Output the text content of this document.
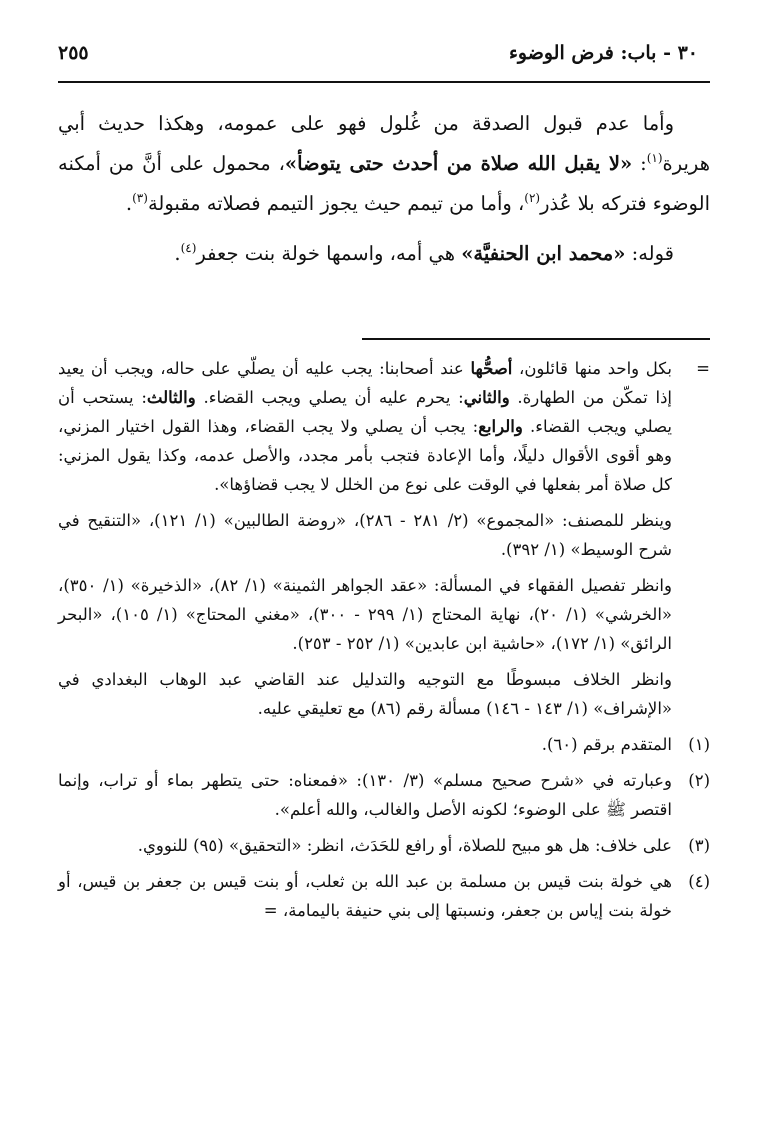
٢٥٥	٣٠ - باب: فرض الوضوء

وأما عدم قبول الصدقة من غُلول فهو على عمومه، وهكذا حديث أبي هريرة$^{(١)}$: «لا يقبل الله صلاة من أحدث حتى يتوضأ»، محمول على أنَّ من أمكنه الوضوء فتركه بلا عُذر$^{(٢)}$، وأما من تيمم حيث يجوز التيمم فصلاته مقبولة$^{(٣)}$.

قوله: «محمد ابن الحنفيَّة» هي أمه، واسمها خولة بنت جعفر$^{(٤)}$.

=
بكل واحد منها قائلون، أصحُّها عند أصحابنا: يجب عليه أن يصلّي على حاله، ويجب أن يعيد إذا تمكّن من الطهارة. والثاني: يحرم عليه أن يصلي ويجب القضاء. والثالث: يستحب أن يصلي ويجب القضاء. والرابع: يجب أن يصلي ولا يجب القضاء، وهذا القول اختيار المزني، وهو أقوى الأقوال دليلًا، وأما الإعادة فتجب بأمر مجدد، والأصل عدمه، وكذا يقول المزني: كل صلاة أمر بفعلها في الوقت على نوع من الخلل لا يجب قضاؤها».
وينظر للمصنف: «المجموع» (٢/ ٢٨١ - ٢٨٦)، «روضة الطالبين» (١/ ١٢١)، «التنقيح في شرح الوسيط» (١/ ٣٩٢).
وانظر تفصيل الفقهاء في المسألة: «عقد الجواهر الثمينة» (١/ ٨٢)، «الذخيرة» (١/ ٣٥٠)، «الخرشي» (١/ ٢٠)، نهاية المحتاج (١/ ٢٩٩ - ٣٠٠)، «مغني المحتاج» (١/ ١٠٥)، «البحر الرائق» (١/ ١٧٢)، «حاشية ابن عابدين» (١/ ٢٥٢ - ٢٥٣).
وانظر الخلاف مبسوطًا مع التوجيه والتدليل عند القاضي عبد الوهاب البغدادي في «الإشراف» (١/ ١٤٣ - ١٤٦) مسألة رقم (٨٦) مع تعليقي عليه.
(١)
المتقدم برقم (٦٠).
(٢)
وعبارته في «شرح صحيح مسلم» (٣/ ١٣٠): «فمعناه: حتى يتطهر بماء أو تراب، وإنما اقتصر ﷺ على الوضوء؛ لكونه الأصل والغالب، والله أعلم».
(٣)
على خلاف: هل هو مبيح للصلاة، أو رافع للحَدَث، انظر: «التحقيق» (٩٥) للنووي.
(٤)
هي خولة بنت قيس بن مسلمة بن عبد الله بن ثعلب، أو بنت قيس بن جعفر بن قيس، أو خولة بنت إياس بن جعفر، ونسبتها إلى بني حنيفة باليمامة، =
